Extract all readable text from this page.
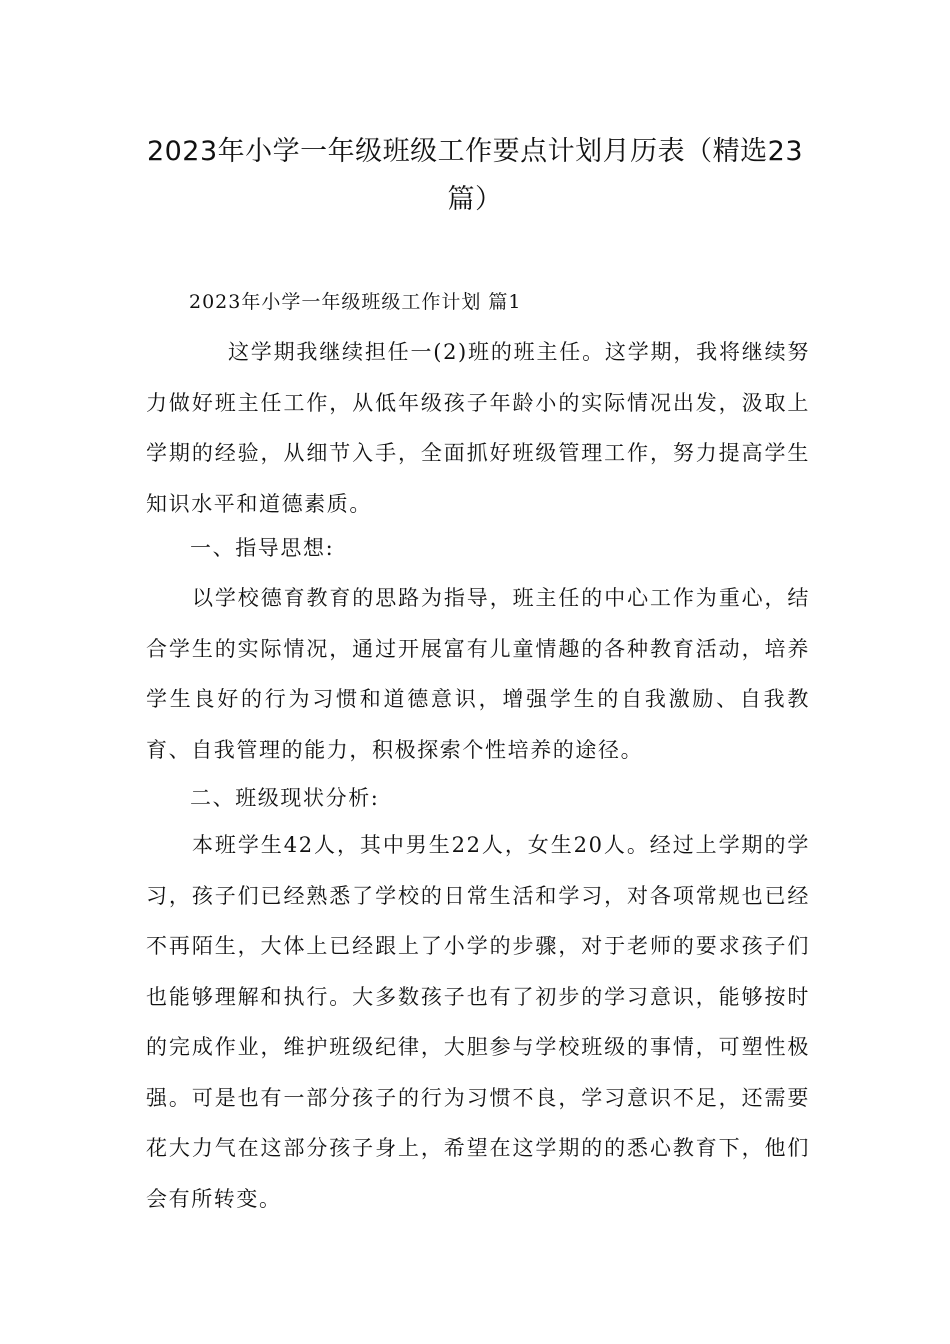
2023年小学一年级班级工作要点计划月历表（精选23篇）

2023年小学一年级班级工作计划 篇1

这学期我继续担任一(2)班的班主任。这学期，我将继续努力做好班主任工作，从低年级孩子年龄小的实际情况出发，汲取上学期的经验，从细节入手，全面抓好班级管理工作，努力提高学生知识水平和道德素质。

一、指导思想:

以学校德育教育的思路为指导，班主任的中心工作为重心，结合学生的实际情况，通过开展富有儿童情趣的各种教育活动，培养学生良好的行为习惯和道德意识，增强学生的自我激励、自我教育、自我管理的能力，积极探索个性培养的途径。

二、班级现状分析:

本班学生42人，其中男生22人，女生20人。经过上学期的学习，孩子们已经熟悉了学校的日常生活和学习，对各项常规也已经不再陌生，大体上已经跟上了小学的步骤，对于老师的要求孩子们也能够理解和执行。大多数孩子也有了初步的学习意识，能够按时的完成作业，维护班级纪律，大胆参与学校班级的事情，可塑性极强。可是也有一部分孩子的行为习惯不良，学习意识不足，还需要花大力气在这部分孩子身上，希望在这学期的的悉心教育下，他们会有所转变。
